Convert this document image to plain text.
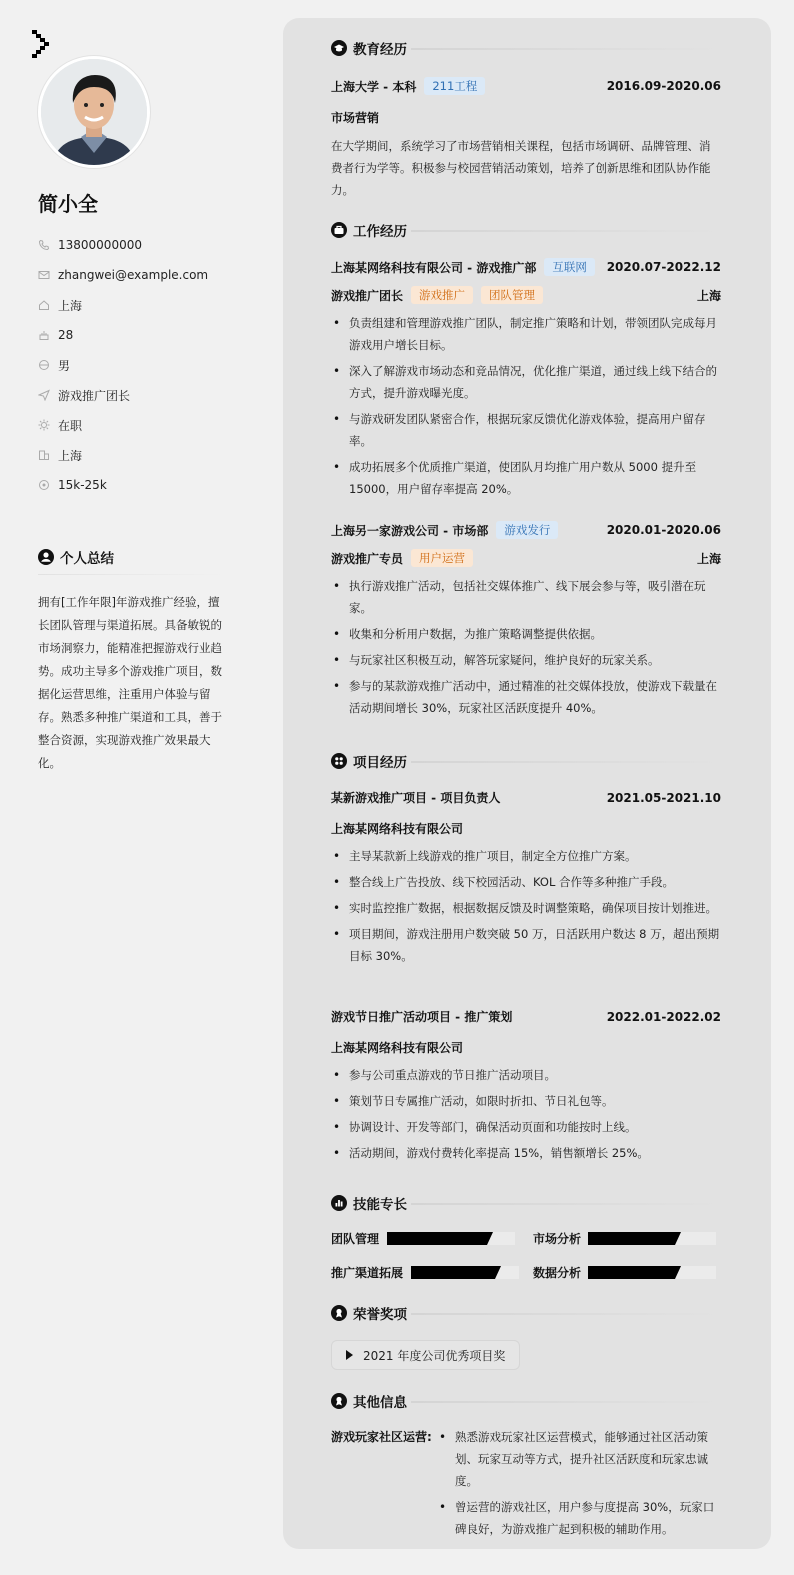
简小全
13800000000
zhangwei@example.com
上海
28
男
游戏推广团长
在职
上海
15k-25k
个人总结
拥有[工作年限]年游戏推广经验，擅长团队管理与渠道拓展。具备敏锐的市场洞察力，能精准把握游戏行业趋势。成功主导多个游戏推广项目，数据化运营思维，注重用户体验与留存。熟悉多种推广渠道和工具，善于整合资源，实现游戏推广效果最大化。
教育经历
上海大学 - 本科	211工程	2016.09-2020.06
市场营销
在大学期间，系统学习了市场营销相关课程，包括市场调研、品牌管理、消费者行为学等。积极参与校园营销活动策划，培养了创新思维和团队协作能力。
工作经历
上海某网络科技有限公司 - 游戏推广部	互联网	2020.07-2022.12
游戏推广团长	游戏推广	团队管理	上海
• 负责组建和管理游戏推广团队，制定推广策略和计划，带领团队完成每月游戏用户增长目标。
• 深入了解游戏市场动态和竞品情况，优化推广渠道，通过线上线下结合的方式，提升游戏曝光度。
• 与游戏研发团队紧密合作，根据玩家反馈优化游戏体验，提高用户留存率。
• 成功拓展多个优质推广渠道，使团队月均推广用户数从 5000 提升至 15000，用户留存率提高 20%。
上海另一家游戏公司 - 市场部	游戏发行	2020.01-2020.06
游戏推广专员	用户运营	上海
• 执行游戏推广活动，包括社交媒体推广、线下展会参与等，吸引潜在玩家。
• 收集和分析用户数据，为推广策略调整提供依据。
• 与玩家社区积极互动，解答玩家疑问，维护良好的玩家关系。
• 参与的某款游戏推广活动中，通过精准的社交媒体投放，使游戏下载量在活动期间增长 30%，玩家社区活跃度提升 40%。
项目经历
某新游戏推广项目 - 项目负责人	2021.05-2021.10
上海某网络科技有限公司
• 主导某款新上线游戏的推广项目，制定全方位推广方案。
• 整合线上广告投放、线下校园活动、KOL 合作等多种推广手段。
• 实时监控推广数据，根据数据反馈及时调整策略，确保项目按计划推进。
• 项目期间，游戏注册用户数突破 50 万，日活跃用户数达 8 万，超出预期目标 30%。
游戏节日推广活动项目 - 推广策划	2022.01-2022.02
上海某网络科技有限公司
• 参与公司重点游戏的节日推广活动项目。
• 策划节日专属推广活动，如限时折扣、节日礼包等。
• 协调设计、开发等部门，确保活动页面和功能按时上线。
• 活动期间，游戏付费转化率提高 15%，销售额增长 25%。
技能专长
团队管理	市场分析
推广渠道拓展	数据分析
荣誉奖项
2021 年度公司优秀项目奖
其他信息
游戏玩家社区运营:
•	熟悉游戏玩家社区运营模式，能够通过社区活动策划、玩家互动等方式，提升社区活跃度和玩家忠诚度。
• 曾运营的游戏社区，用户参与度提高 30%，玩家口碑良好，为游戏推广起到积极的辅助作用。
